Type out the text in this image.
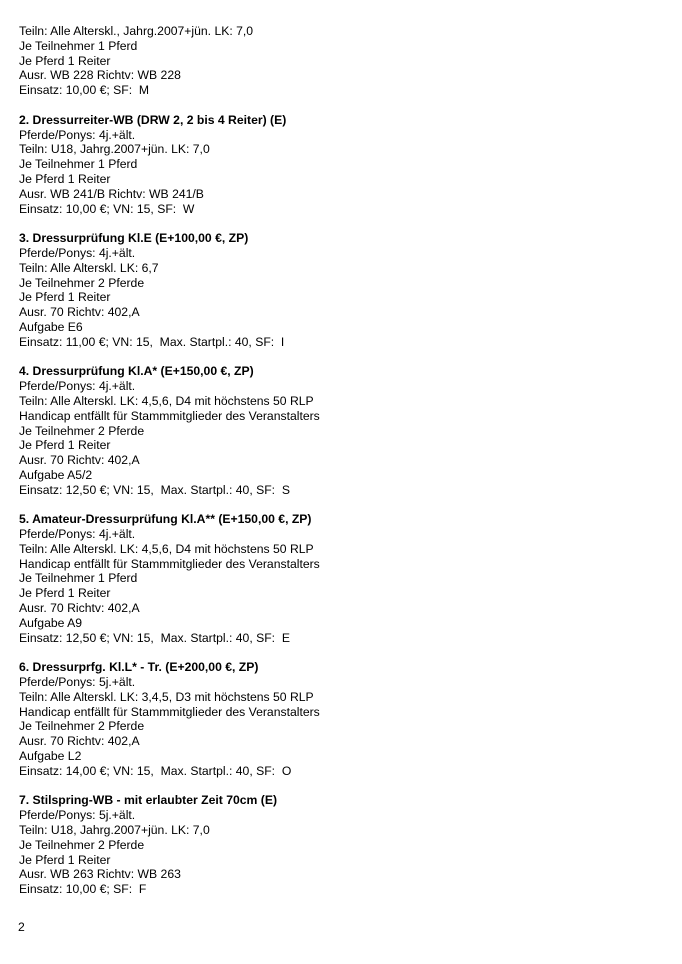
Teiln: Alle Alterskl., Jahrg.2007+jün. LK: 7,0
Je Teilnehmer 1 Pferd
Je Pferd 1 Reiter
Ausr. WB 228 Richtv: WB 228
Einsatz: 10,00 €; SF:  M
2. Dressurreiter-WB (DRW 2, 2 bis 4 Reiter) (E)
Pferde/Ponys: 4j.+ält.
Teiln: U18, Jahrg.2007+jün. LK: 7,0
Je Teilnehmer 1 Pferd
Je Pferd 1 Reiter
Ausr. WB 241/B Richtv: WB 241/B
Einsatz: 10,00 €; VN: 15, SF:  W
3. Dressurprüfung Kl.E (E+100,00 €, ZP)
Pferde/Ponys: 4j.+ält.
Teiln: Alle Alterskl. LK: 6,7
Je Teilnehmer 2 Pferde
Je Pferd 1 Reiter
Ausr. 70 Richtv: 402,A
Aufgabe E6
Einsatz: 11,00 €; VN: 15,  Max. Startpl.: 40, SF:  I
4. Dressurprüfung Kl.A* (E+150,00 €, ZP)
Pferde/Ponys: 4j.+ält.
Teiln: Alle Alterskl. LK: 4,5,6, D4 mit höchstens 50 RLP
Handicap entfällt für Stammmitglieder des Veranstalters
Je Teilnehmer 2 Pferde
Je Pferd 1 Reiter
Ausr. 70 Richtv: 402,A
Aufgabe A5/2
Einsatz: 12,50 €; VN: 15,  Max. Startpl.: 40, SF:  S
5. Amateur-Dressurprüfung Kl.A** (E+150,00 €, ZP)
Pferde/Ponys: 4j.+ält.
Teiln: Alle Alterskl. LK: 4,5,6, D4 mit höchstens 50 RLP
Handicap entfällt für Stammmitglieder des Veranstalters
Je Teilnehmer 1 Pferd
Je Pferd 1 Reiter
Ausr. 70 Richtv: 402,A
Aufgabe A9
Einsatz: 12,50 €; VN: 15,  Max. Startpl.: 40, SF:  E
6. Dressurprfg. Kl.L* - Tr. (E+200,00 €, ZP)
Pferde/Ponys: 5j.+ält.
Teiln: Alle Alterskl. LK: 3,4,5, D3 mit höchstens 50 RLP
Handicap entfällt für Stammmitglieder des Veranstalters
Je Teilnehmer 2 Pferde
Ausr. 70 Richtv: 402,A
Aufgabe L2
Einsatz: 14,00 €; VN: 15,  Max. Startpl.: 40, SF:  O
7. Stilspring-WB - mit erlaubter Zeit 70cm (E)
Pferde/Ponys: 5j.+ält.
Teiln: U18, Jahrg.2007+jün. LK: 7,0
Je Teilnehmer 2 Pferde
Je Pferd 1 Reiter
Ausr. WB 263 Richtv: WB 263
Einsatz: 10,00 €; SF:  F
2
